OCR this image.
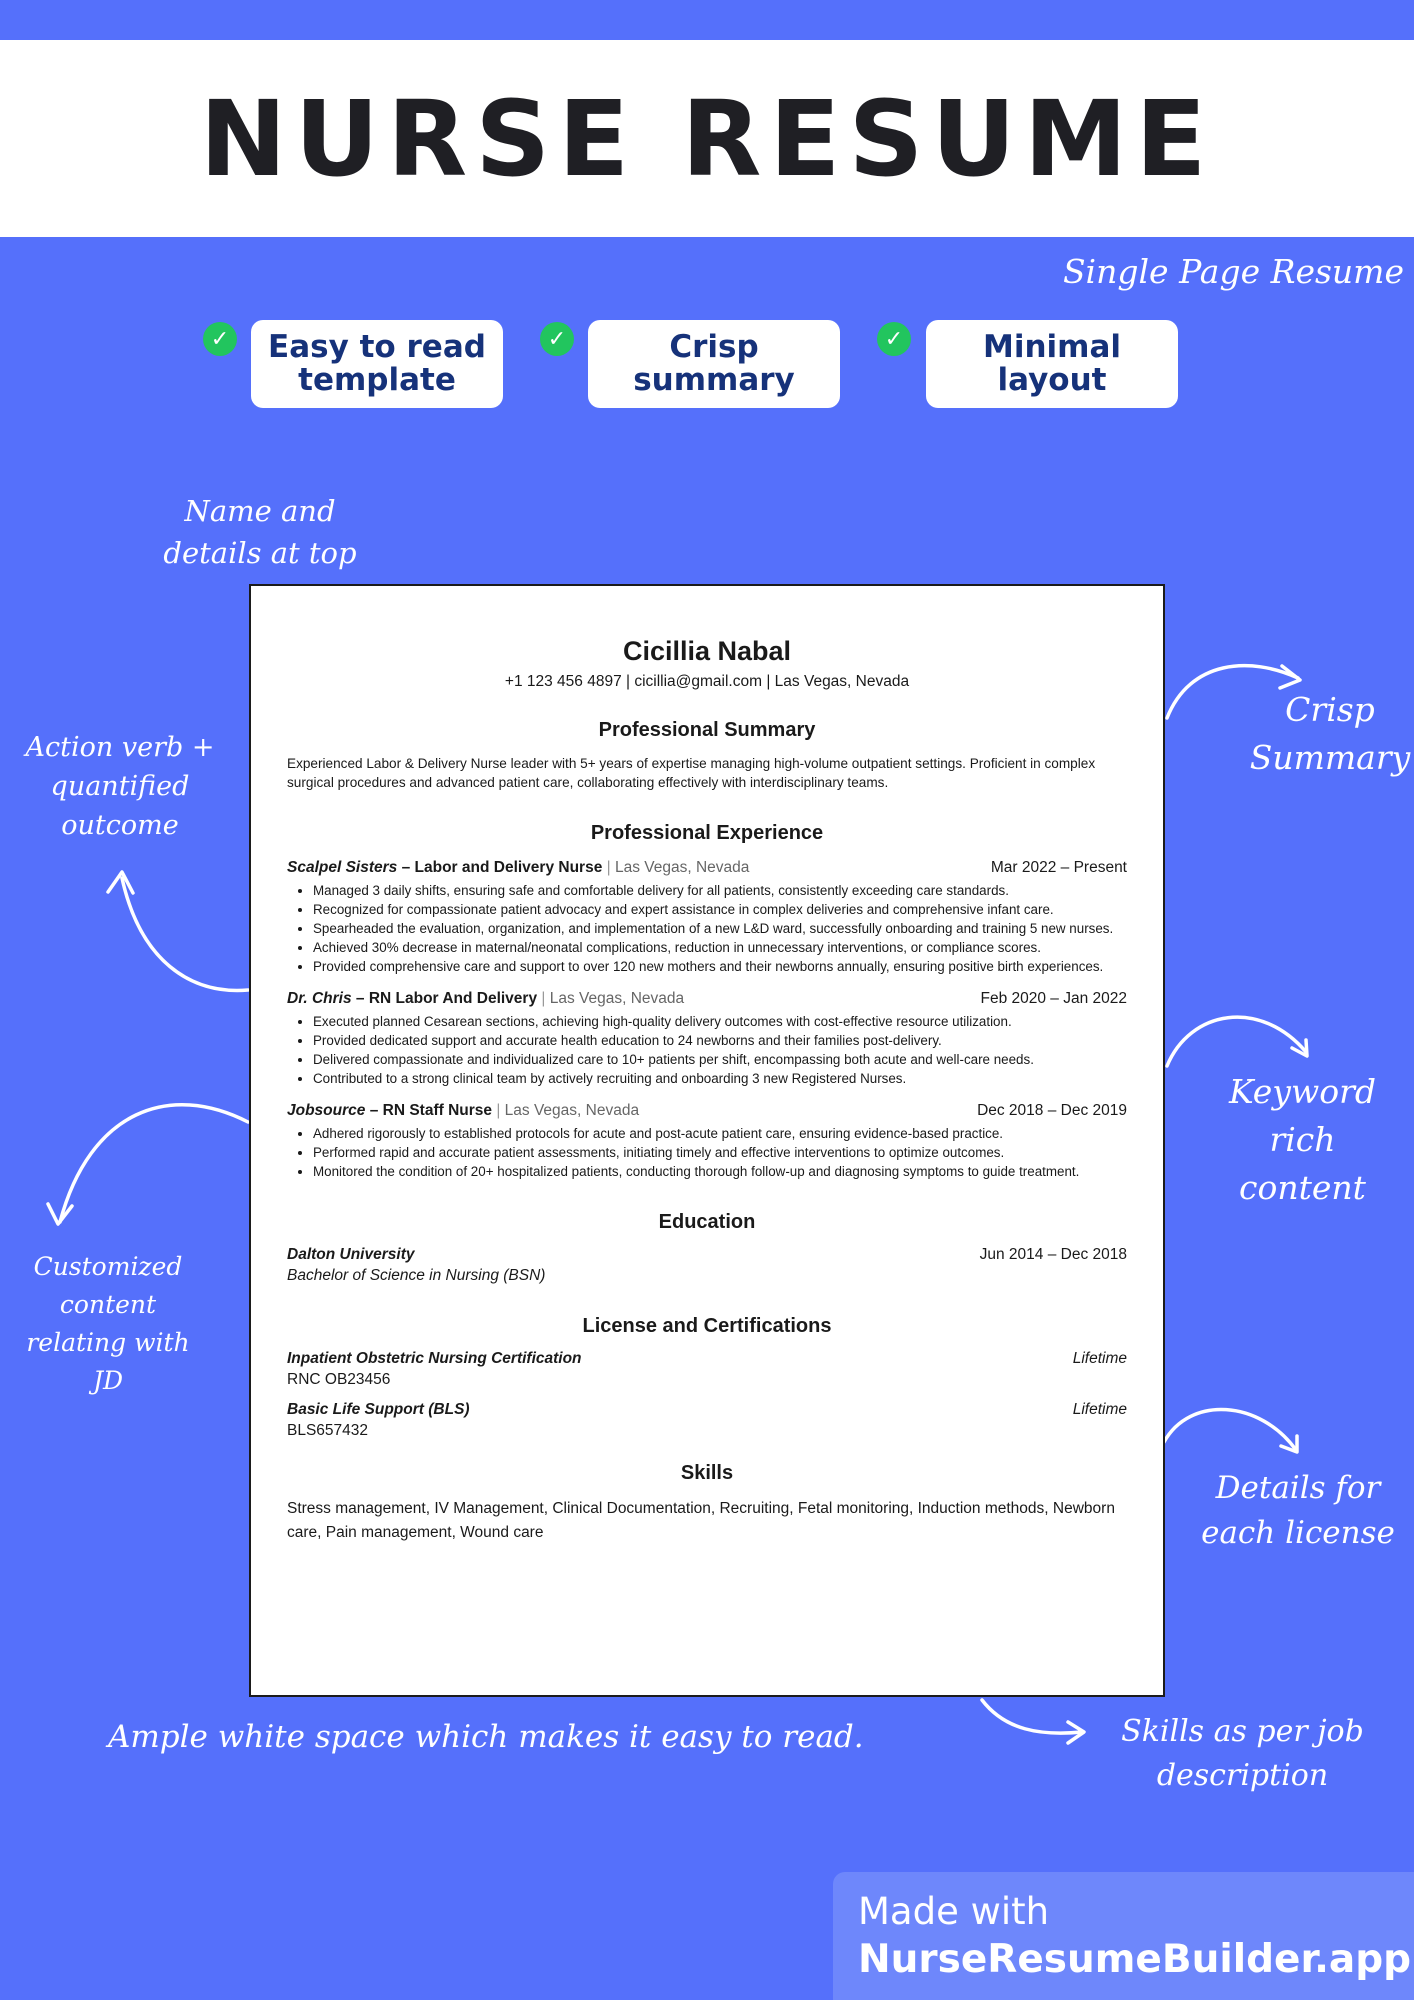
NURSE RESUME
Single Page Resume
✓ Easy to read
template
✓	Crisp
summary
✓	Minimal
layout
Name and
details at top
Action verb +
quantified
outcome
Customized
content
relating with
JD
Crisp
Summary
Keyword
rich
content
Details for
each license
Skills as per job
description
Ample white space which makes it easy to read.
Cicillia Nabal
+1 123 456 4897 | cicillia@gmail.com | Las Vegas, Nevada
Professional Summary

Experienced Labor & Delivery Nurse leader with 5+ years of expertise managing high-volume outpatient settings. Proficient in complex surgical procedures and advanced patient care, collaborating effectively with interdisciplinary teams.

Professional Experience
Scalpel Sisters – Labor and Delivery Nurse | Las Vegas, Nevada	Mar 2022 – Present
• Managed 3 daily shifts, ensuring safe and comfortable delivery for all patients, consistently exceeding care standards.
• Recognized for compassionate patient advocacy and expert assistance in complex deliveries and comprehensive infant care.
• Spearheaded the evaluation, organization, and implementation of a new L&D ward, successfully onboarding and training 5 new nurses.
• Achieved 30% decrease in maternal/neonatal complications, reduction in unnecessary interventions, or compliance scores.
• Provided comprehensive care and support to over 120 new mothers and their newborns annually, ensuring positive birth experiences.
Dr. Chris – RN Labor And Delivery | Las Vegas, Nevada	Feb 2020 – Jan 2022
• Executed planned Cesarean sections, achieving high-quality delivery outcomes with cost-effective resource utilization.
• Provided dedicated support and accurate health education to 24 newborns and their families post-delivery.
• Delivered compassionate and individualized care to 10+ patients per shift, encompassing both acute and well-care needs.
• Contributed to a strong clinical team by actively recruiting and onboarding 3 new Registered Nurses.
Jobsource – RN Staff Nurse | Las Vegas, Nevada	Dec 2018 – Dec 2019
• Adhered rigorously to established protocols for acute and post-acute patient care, ensuring evidence-based practice.
• Performed rapid and accurate patient assessments, initiating timely and effective interventions to optimize outcomes.
• Monitored the condition of 20+ hospitalized patients, conducting thorough follow-up and diagnosing symptoms to guide treatment.
Education
Dalton University	Jun 2014 – Dec 2018
Bachelor of Science in Nursing (BSN)
License and Certifications
Inpatient Obstetric Nursing Certification	Lifetime
RNC OB23456
Basic Life Support (BLS)	Lifetime
BLS657432
Skills
Stress management, IV Management, Clinical Documentation, Recruiting, Fetal monitoring, Induction methods, Newborn care, Pain management, Wound care
Made with
NurseResumeBuilder.app
